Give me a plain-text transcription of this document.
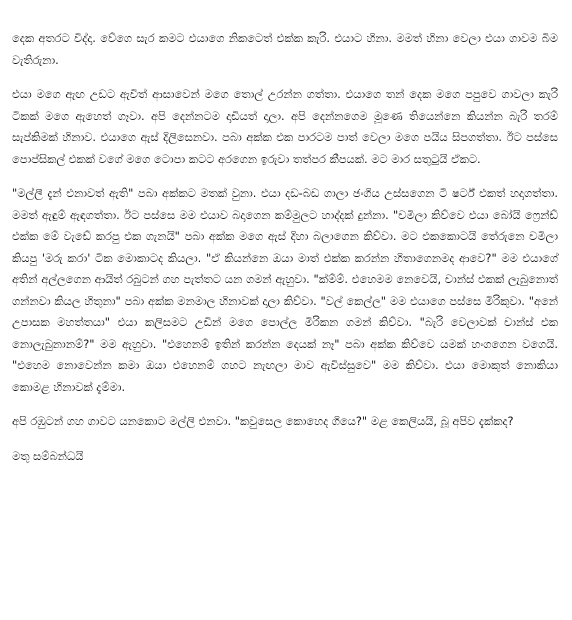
දෙක අතරට විද්දා. වේගෙ සැර කමට එයාගෙ නිකටෙත් එක්ක කැරි. එයාට හිනා. මමත් හිනා වෙලා එයා ගාවම බිම වැතිරුනා.

එයා මගෙ ඇඟ උඩට ඇවිත් ආසාවෙන් මගෙ තොල් උරන්න ගත්තා. එයාගෙ තන් දෙක මගෙ පපුවෙ ගාවලා කැරි ටිකක් මගෙ ඇහෙත් ගෑවා. අපි දෙන්නටම දාඩියත් දාලා. අපි දෙන්නගෙම මූණෙ තියෙන්නෙ කියන්න බැරි තරම් සැප්කිමක් හිනාව. එයාගෙ ඇස් දිලිසෙනවා. පබා අක්ක එක පාරටම පාත් වෙලා මගෙ පයිය සිපගත්තා. ඊට පස්සෙ පොප්සිකල් එකක් වගේ මගෙ ටොපා කටට අරගෙන ඉරුවා තත්පර කීපයක්. මට මාර සතුටුයි ඒකට.

"මල්ලී දැන් එනාවත් ඇති" පබා අක්කට මතක් වුනා. එයා දඩ-බඩ ගාලා ඡංගිය උස්සගෙන ටී ෂර්ට් එකත් හදාගත්තා. මමත් ඇඳුම් ඇඳගත්තා. ඊට පස්සෙ මම එයාව බදාගෙන කම්මුලට හාද්දක් දුන්නා. "චමිලා කිව්වෙ එයා බෝයි ෆ්‍රෙන්ඩ් එක්ක මේ වැඩේ කරපු එක ගැනයි" පබා අක්ක මගෙ ඇස් දිහා බලාගෙන කිව්වා. මට එකකොටයි තේරුනෙ චමිලා කියපු 'මරු කරා' ටික මොකාටද කියලා. "ඒ කියන්නෙ ඔයා මාත් එක්ක කරන්න හිතාගෙනමද ආවෙ?" මම එයාගේ අතින් අල්ලගෙන ආයිත් රබුටන් ගහ පැත්තට යන ගමන් ඇහුවා. "ක්ම්ම්. එහෙමම නෙවෙයි, චාන්ස් එකක් ලැබුනොත් ගන්නවා කියල හිතුනා" පබා අක්ක මනමාල හිනාවක් දාලා කිව්වා. "වල් කෙල්ල" මම එයාගෙ පස්සෙ මිරිකුවා. "අනේ උපාසක මහත්තයා" එයා කලිසමට උඩින් මගෙ පොල්ල මිරිකන ගමන් කිව්වා. "බැරි වෙලාවක් චාන්ස් එක නොලැබුනානම්?" මම ඇහුවා. "එහෙනම් ඉතින් කරන්න දෙයක් නෑ" පබා අක්ක කිව්වෙ යමක් හංගගෙන වගෙයි. "එහෙම නොවෙන්න කමා ඔයා එහෙනම් ගහට නැඟලා මාව ඇවිස්සුවෙ" මම කිව්වා. එයා මොකුත් නොකියා කොමළ හිනාවක් දැම්මා.

අපි රඹුටන් ගහ ගාවට යනකොට මල්ලි එනවා. "කවුසෙල කොහෙද ගියෙ?" මළ කෙලියයි, බූ අපිව දැක්කද?

මතු සම්බන්ධයි
